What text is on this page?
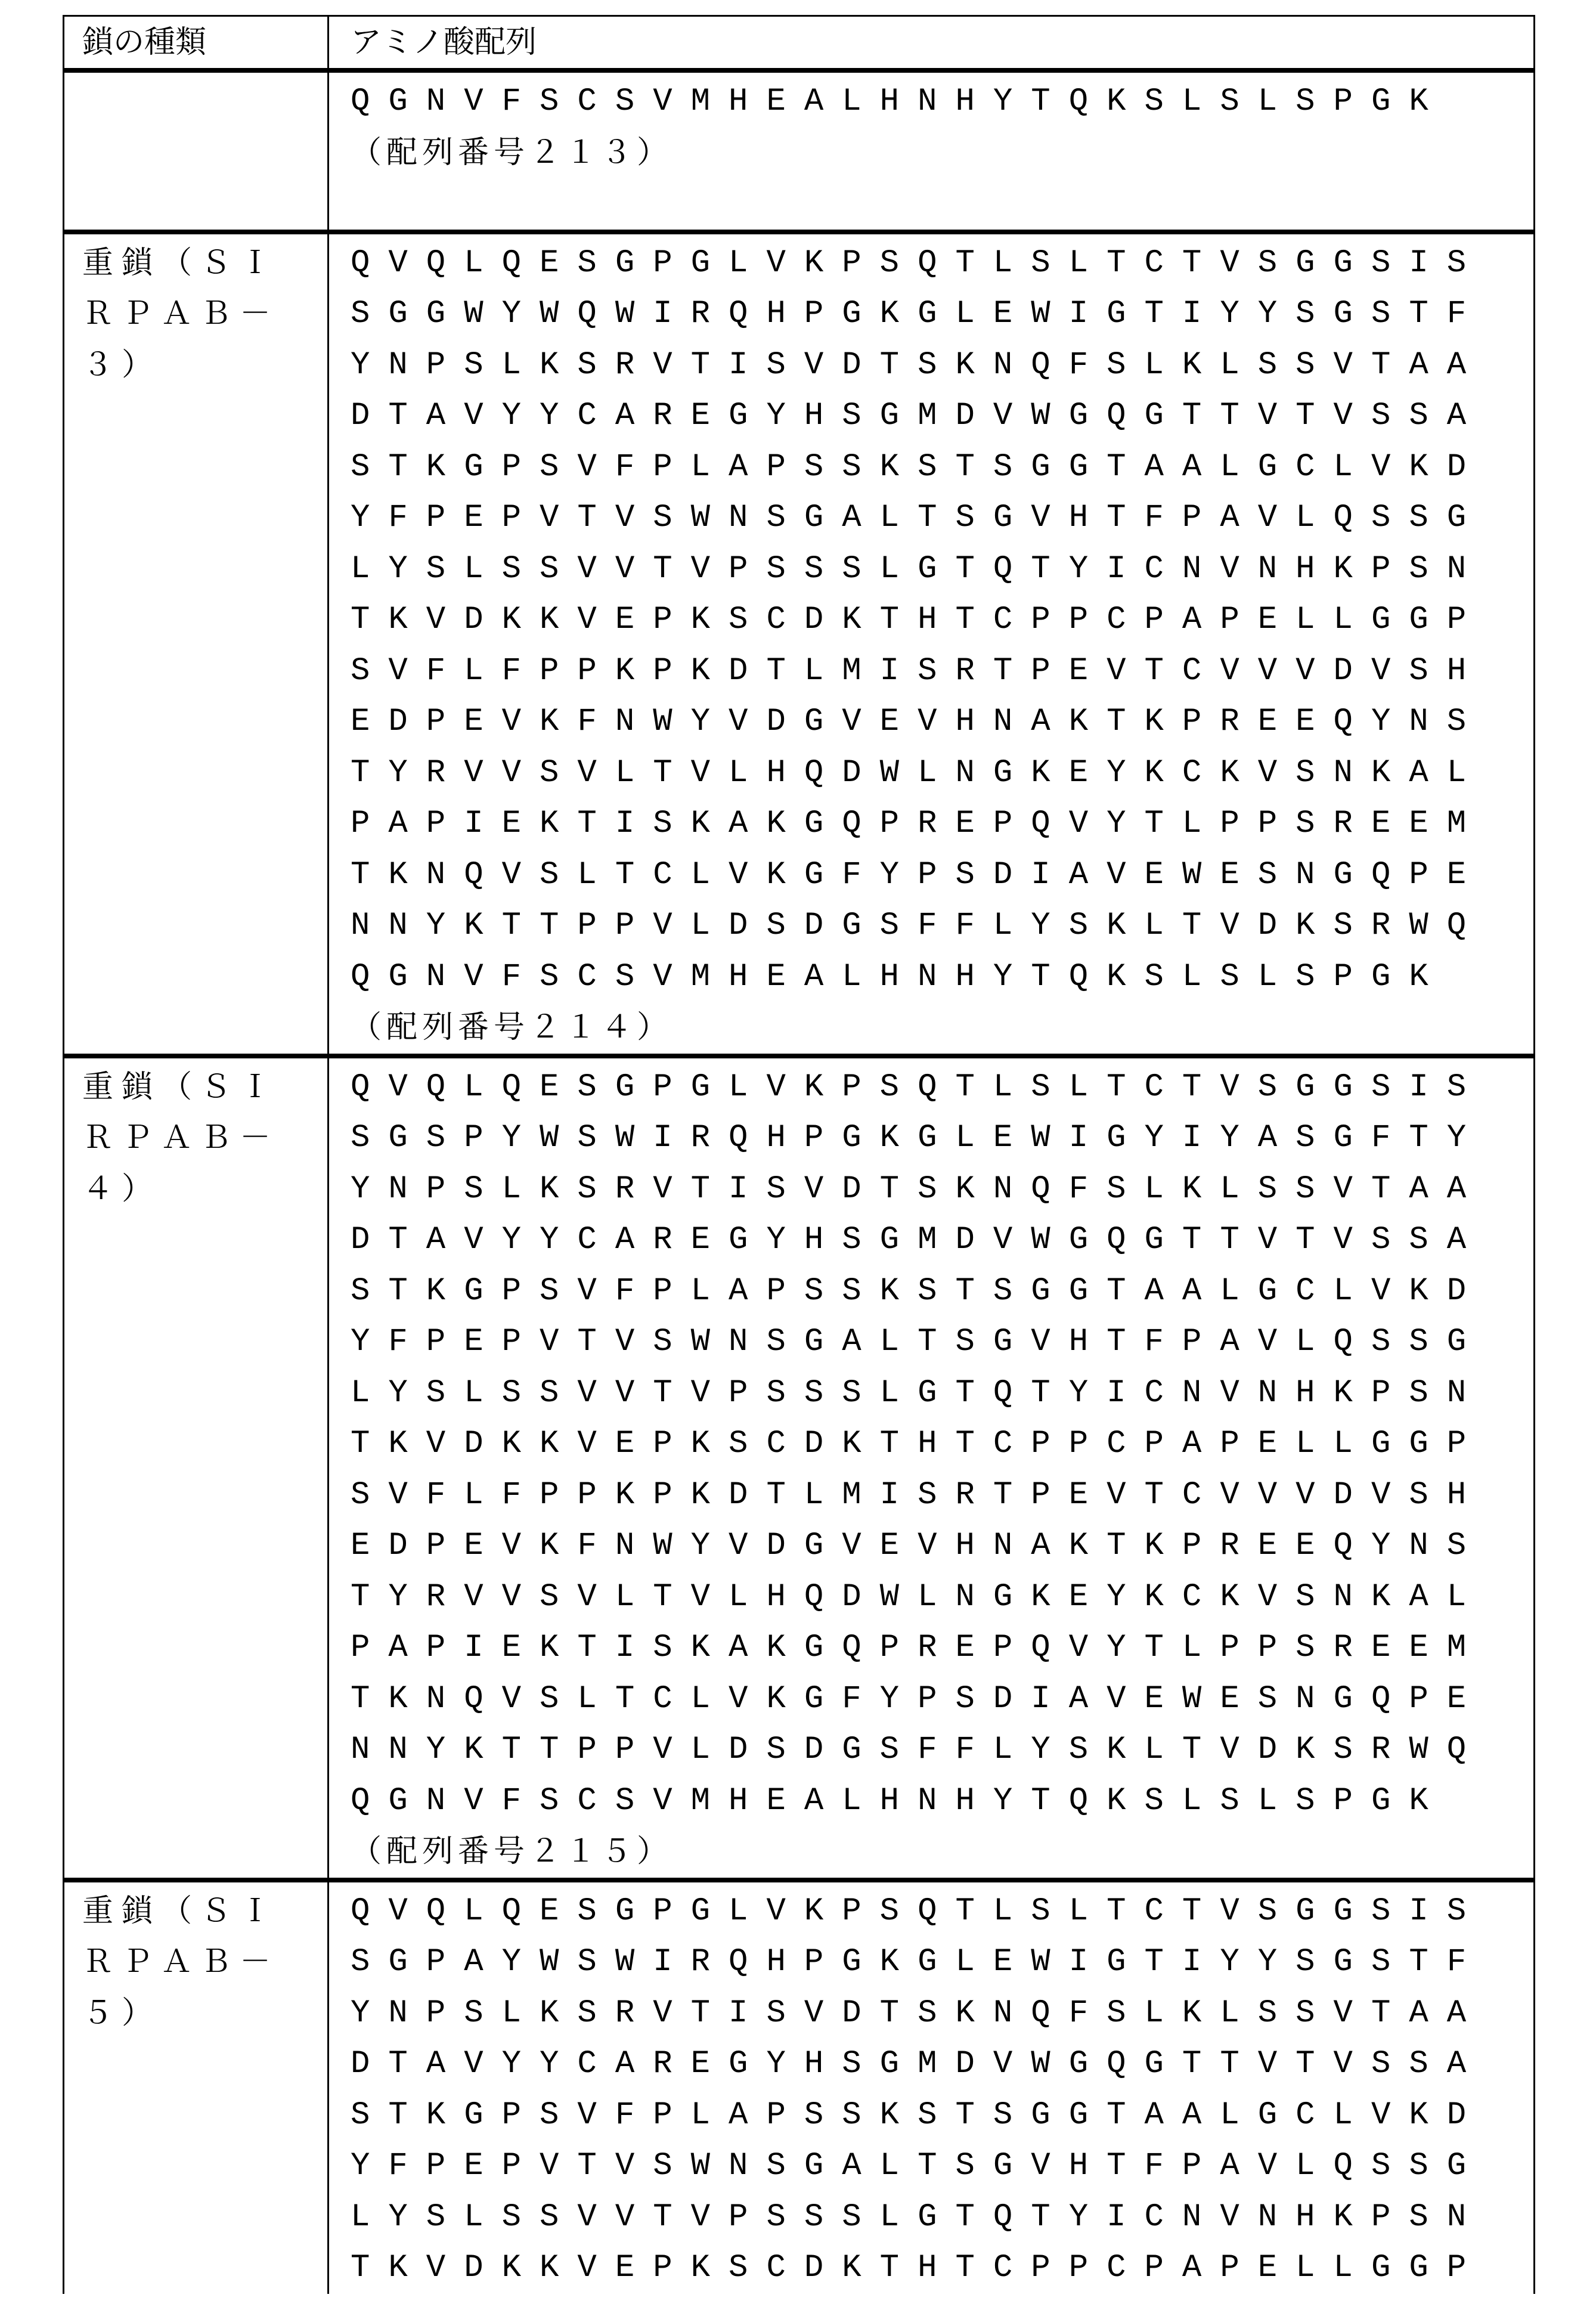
鎖の種類	アミノ酸配列

QGNVFSCSVMHEALHNHYTQKSLSLSPGK
（配列番号２１３）

重鎖（ＳＩ
ＲＰＡＢ－
３）

QVQLQESGPGLVKPSQTLSLTCTVSGGSIS
SGGWYWQWIRQHPGKGLEWIGTIYYSGSTF
YNPSLKSRVTISVDTSKNQFSLKLSSVTAA
DTAVYYCAREGYHSGMDVWGQGTTVTVSSA
STKGPSVFPLAPSSKSTSGGTAALGCLVKD
YFPEPVTVSWNSGALTSGVHTFPAVLQSSG
LYSLSSVVTVPSSSLGTQTYICNVNHKPSN
TKVDKKVEPKSCDKTHTCPPCPAPELLGGP
SVFLFPPKPKDTLMISRTPEVTCVVVDVSH
EDPEVKFNWYVDGVEVHNAKTKPREEQYNS
TYRVVSVLTVLHQDWLNGKEYKCKVSNKAL
PAPIEKTISKAKGQPREPQVYTLPPSREEM
TKNQVSLTCLVKGFYPSDIAVEWESNGQPE
NNYKTTPPVLDSDGSFFLYSKLTVDKSRWQ
QGNVFSCSVMHEALHNHYTQKSLSLSPGK
（配列番号２１４）

重鎖（ＳＩ
ＲＰＡＢ－
４）

QVQLQESGPGLVKPSQTLSLTCTVSGGSIS
SGSPYWSWIRQHPGKGLEWIGYIYASGFTY
YNPSLKSRVTISVDTSKNQFSLKLSSVTAA
DTAVYYCAREGYHSGMDVWGQGTTVTVSSA
STKGPSVFPLAPSSKSTSGGTAALGCLVKD
YFPEPVTVSWNSGALTSGVHTFPAVLQSSG
LYSLSSVVTVPSSSLGTQTYICNVNHKPSN
TKVDKKVEPKSCDKTHTCPPCPAPELLGGP
SVFLFPPKPKDTLMISRTPEVTCVVVDVSH
EDPEVKFNWYVDGVEVHNAKTKPREEQYNS
TYRVVSVLTVLHQDWLNGKEYKCKVSNKAL
PAPIEKTISKAKGQPREPQVYTLPPSREEM
TKNQVSLTCLVKGFYPSDIAVEWESNGQPE
NNYKTTPPVLDSDGSFFLYSKLTVDKSRWQ
QGNVFSCSVMHEALHNHYTQKSLSLSPGK
（配列番号２１５）

重鎖（ＳＩ
ＲＰＡＢ－
５）

QVQLQESGPGLVKPSQTLSLTCTVSGGSIS
SGPAYWSWIRQHPGKGLEWIGTIYYSGSTF
YNPSLKSRVTISVDTSKNQFSLKLSSVTAA
DTAVYYCAREGYHSGMDVWGQGTTVTVSSA
STKGPSVFPLAPSSKSTSGGTAALGCLVKD
YFPEPVTVSWNSGALTSGVHTFPAVLQSSG
LYSLSSVVTVPSSSLGTQTYICNVNHKPSN
TKVDKKVEPKSCDKTHTCPPCPAPELLGGP
